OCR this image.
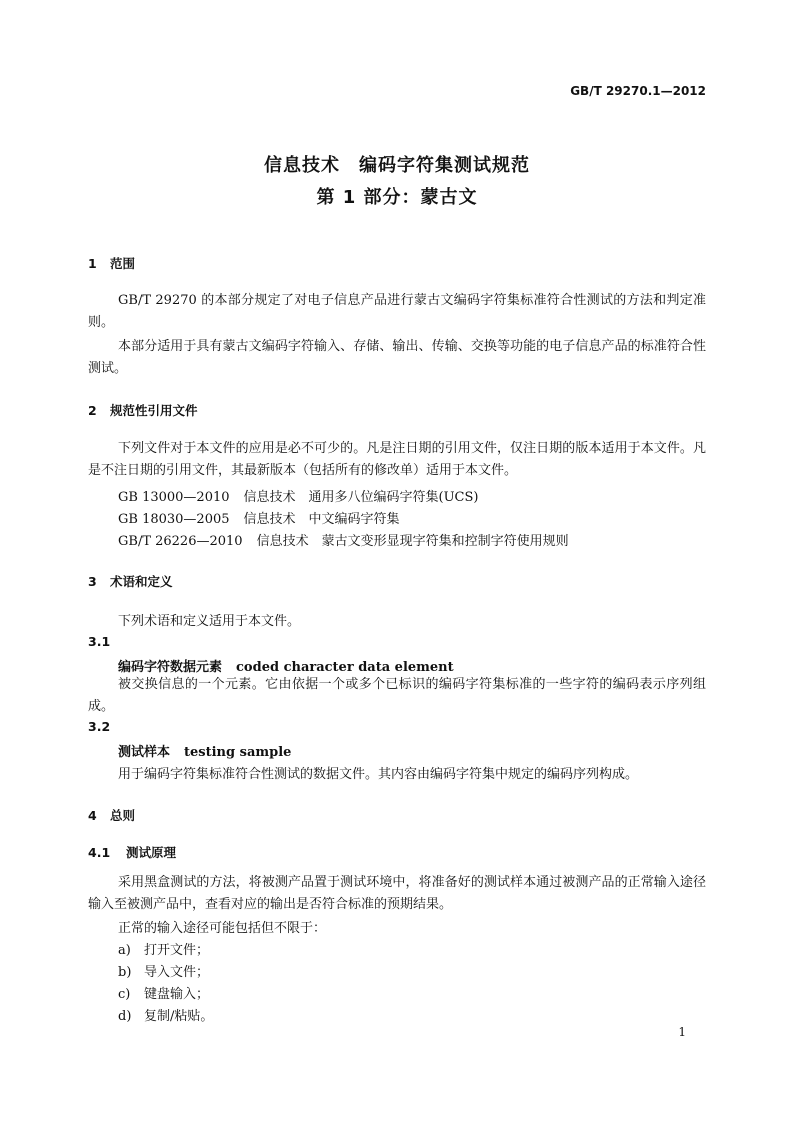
GB/T 29270.1—2012
信息技术　编码字符集测试规范
第 1 部分：蒙古文
1 范围
GB/T 29270 的本部分规定了对电子信息产品进行蒙古文编码字符集标准符合性测试的方法和判定准则。
本部分适用于具有蒙古文编码字符输入、存储、输出、传输、交换等功能的电子信息产品的标准符合性测试。
2 规范性引用文件
下列文件对于本文件的应用是必不可少的。凡是注日期的引用文件，仅注日期的版本适用于本文件。凡是不注日期的引用文件，其最新版本（包括所有的修改单）适用于本文件。
GB 13000—2010 信息技术　通用多八位编码字符集(UCS)
GB 18030—2005 信息技术　中文编码字符集
GB/T 26226—2010 信息技术　蒙古文变形显现字符集和控制字符使用规则
3 术语和定义
下列术语和定义适用于本文件。
3.1
编码字符数据元素 coded character data element
被交换信息的一个元素。它由依据一个或多个已标识的编码字符集标准的一些字符的编码表示序列组成。
3.2
测试样本 testing sample
用于编码字符集标准符合性测试的数据文件。其内容由编码字符集中规定的编码序列构成。
4 总则
4.1 测试原理
采用黑盒测试的方法，将被测产品置于测试环境中，将准备好的测试样本通过被测产品的正常输入途径输入至被测产品中，查看对应的输出是否符合标准的预期结果。
正常的输入途径可能包括但不限于：
a) 打开文件；
b) 导入文件；
c) 键盘输入；
d) 复制/粘贴。
1
